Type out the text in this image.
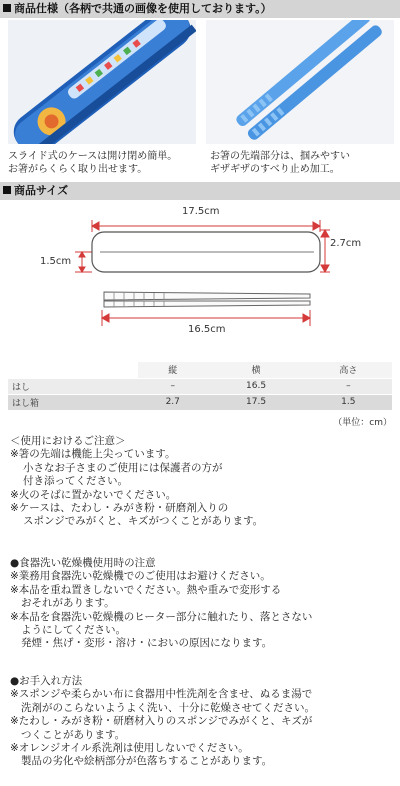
商品仕様（各柄で共通の画像を使用しております。）
スライド式のケースは開け閉め簡単。
お箸がらくらく取り出せます。
お箸の先端部分は、掴みやすい
ギザギザのすべり止め加工。
商品サイズ
17.5cm
2.7cm
1.5cm
16.5cm
	縦	横	高さ
はし	–	16.5	–
はし箱	2.7	17.5	1.5
（単位：cm）
＜使用におけるご注意＞
※箸の先端は機能上尖っています。
小さなお子さまのご使用には保護者の方が
付き添ってください。
※火のそばに置かないでください。
※ケースは、たわし・みがき粉・研磨剤入りの
スポンジでみがくと、キズがつくことがあります。
●食器洗い乾燥機使用時の注意
※業務用食器洗い乾燥機でのご使用はお避けください。
※本品を重ね置きしないでください。熱や重みで変形する
おそれがあります。
※本品を食器洗い乾燥機のヒーター部分に触れたり、落とさない
ようにしてください。
発煙・焦げ・変形・溶け・においの原因になります。
●お手入れ方法
※スポンジや柔らかい布に食器用中性洗剤を含ませ、ぬるま湯で
洗剤がのこらないようよく洗い、十分に乾燥させてください。
※たわし・みがき粉・研磨材入りのスポンジでみがくと、キズが
つくことがあります。
※オレンジオイル系洗剤は使用しないでください。
製品の劣化や絵柄部分が色落ちすることがあります。
